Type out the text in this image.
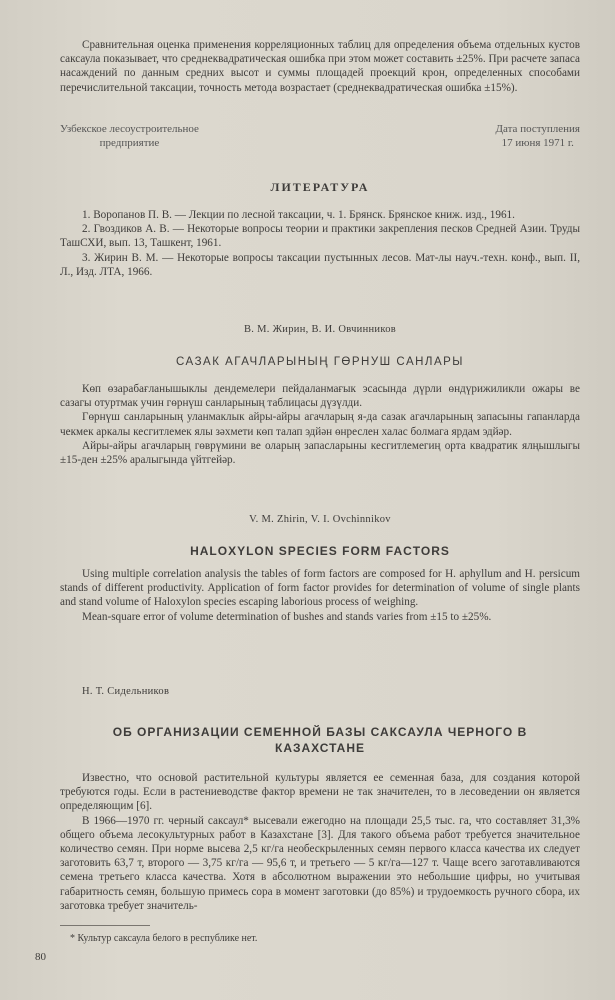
Сравнительная оценка применения корреляционных таблиц для определения объема отдельных кустов саксаула показывает, что среднеквадратическая ошибка при этом может составить ±25%. При расчете запаса насаждений по данным средних высот и суммы площадей проекций крон, определенных способами перечислительной таксации, точность метода возрастает (среднеквадратическая ошибка ±15%).

Узбекское лесоустроительное
предприятие
Дата поступления
17 июня 1971 г.
ЛИТЕРАТУРА

1. Воропанов П. В. — Лекции по лесной таксации, ч. 1. Брянск. Брянское книж. изд., 1961.

2. Гвоздиков А. В. — Некоторые вопросы теории и практики закрепления песков Средней Азии. Труды ТашСХИ, вып. 13, Ташкент, 1961.

3. Жирин В. М. — Некоторые вопросы таксации пустынных лесов. Мат-лы науч.-техн. конф., вып. II, Л., Изд. ЛТА, 1966.

В. М. Жирин, В. И. Овчинников
САЗАК АГАЧЛАРЫНЫҢ ГӨРНУШ САНЛАРЫ

Көп өзарабағланышыклы дендемелери пейдаланмағык эсасында дүрли өндүрижиликли ожары ве сазагы отуртмак учин гөрнүш санларының таблицасы дүзүлди.

Гөрнүш санларының уланмаклык айры-айры агачларың я-да сазак агачларының запасыны гапанларда чекмек аркалы кесгитлемек ялы зәхмети көп талап эдйән өнреслен халас болмага ярдам эдйәр.

Айры-айры агачларың гөврүмини ве оларың запасларыны кесгитлемегиң орта квадратик ялңышлыгы ±15-ден ±25% аралыгында үйтгейәр.

V. M. Zhirin, V. I. Ovchinnikov
HALOXYLON SPECIES FORM FACTORS

Using multiple correlation analysis the tables of form factors are composed for H. aphyllum and H. persicum stands of different productivity. Application of form factor provides for determination of volume of single plants and stand volume of Haloxylon species escaping laborious process of weighing.

Mean-square error of volume determination of bushes and stands varies from ±15 to ±25%.

Н. Т. Сидельников
ОБ ОРГАНИЗАЦИИ СЕМЕННОЙ БАЗЫ САКСАУЛА ЧЕРНОГО В КАЗАХСТАНЕ

Известно, что основой растительной культуры является ее семенная база, для создания которой требуются годы. Если в растениеводстве фактор времени не так значителен, то в лесоведении он является определяющим [6].

В 1966—1970 гг. черный саксаул* высевали ежегодно на площади 25,5 тыс. га, что составляет 31,3% общего объема лесокультурных работ в Казахстане [3]. Для такого объема работ требуется значительное количество семян. При норме высева 2,5 кг/га необескрыленных семян первого класса качества их следует заготовить 63,7 т, второго — 3,75 кг/га — 95,6 т, и третьего — 5 кг/га—127 т. Чаще всего заготавливаются семена третьего класса качества. Хотя в абсолютном выражении это небольшие цифры, но учитывая габаритность семян, большую примесь сора в момент заготовки (до 85%) и трудоемкость ручного сбора, их заготовка требует значитель-

* Культур саксаула белого в республике нет.
80
